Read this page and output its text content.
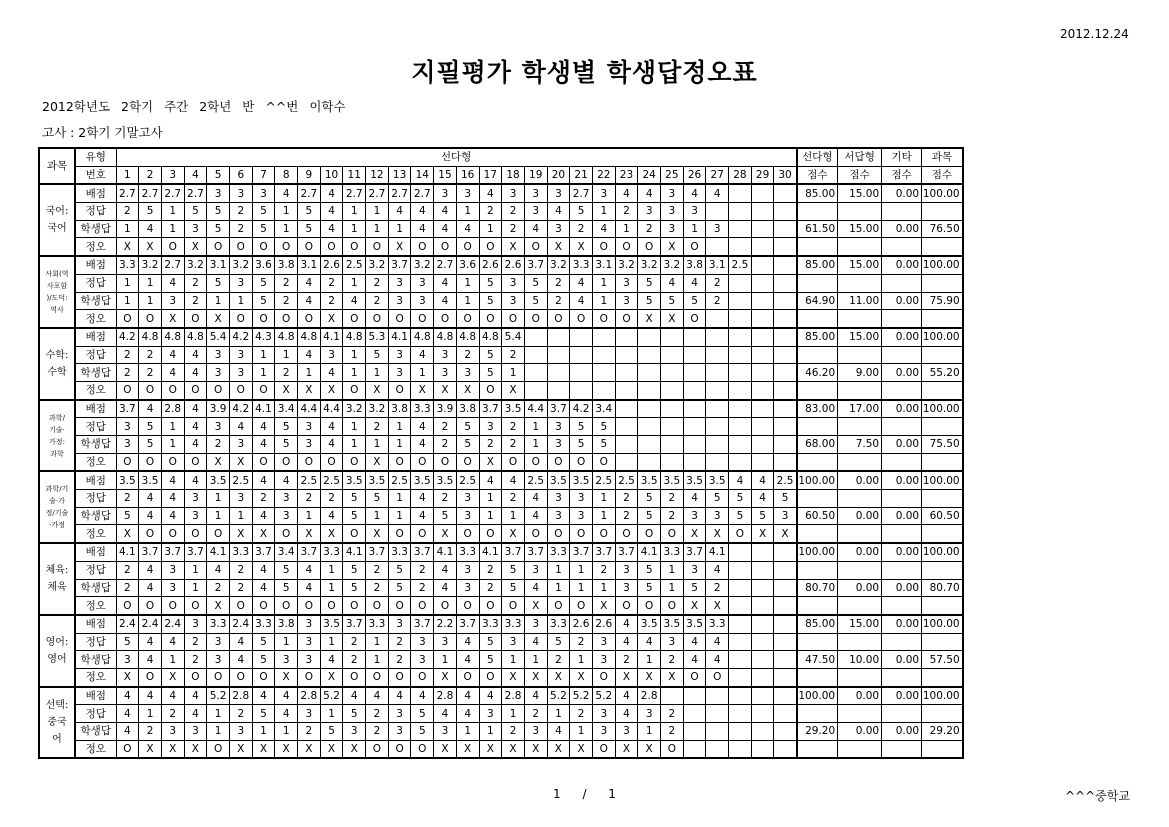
2012.12.24
지필평가 학생별 학생답정오표
2012학년도 2학기 주간 2학년 반 ^^번 이학수
고사 : 2학기 기말고사
과목	유형	선다형																														선다형	서답형	기타	과목
	번호	1	2	3	4	5	6	7	8	9	10	11	12	13	14	15	16	17	18	19	20	21	22	23	24	25	26	27	28	29	30	점수	점수	점수	점수
국어:
국어	배점	2.7	2.7	2.7	2.7	3	3	3	4	2.7	4	2.7	2.7	2.7	2.7	3	3	4	3	3	3	2.7	3	4	4	3	4	4				85.00	15.00	0.00	100.00
	정답	2	5	1	5	5	2	5	1	5	4	1	1	4	4	4	1	2	2	3	4	5	1	2	3	3	3								
	학생답	1	4	1	3	5	2	5	1	5	4	1	1	1	4	4	4	1	2	4	3	2	4	1	2	3	1	3				61.50	15.00	0.00	76.50
	정오	X	X	O	X	O	O	O	O	O	O	O	O	X	O	O	O	O	X	O	X	X	O	O	O	X	O								
사회(역
사포함
)/도덕:
역사	배점	3.3	3.2	2.7	3.2	3.1	3.2	3.6	3.8	3.1	2.6	2.5	3.2	3.7	3.2	2.7	3.6	2.6	2.6	3.7	3.2	3.3	3.1	3.2	3.2	3.2	3.8	3.1	2.5			85.00	15.00	0.00	100.00
	정답	1	1	4	2	5	3	5	2	4	2	1	2	3	3	4	1	5	3	5	2	4	1	3	5	4	4	2							
	학생답	1	1	3	2	1	1	5	2	4	2	4	2	3	3	4	1	5	3	5	2	4	1	3	5	5	5	2				64.90	11.00	0.00	75.90
	정오	O	O	X	O	X	O	O	O	O	X	O	O	O	O	O	O	O	O	O	O	O	O	O	X	X	O								
수학:
수학	배점	4.2	4.8	4.8	4.8	5.4	4.2	4.3	4.8	4.8	4.1	4.8	5.3	4.1	4.8	4.8	4.8	4.8	5.4													85.00	15.00	0.00	100.00
	정답	2	2	4	4	3	3	1	1	4	3	1	5	3	4	3	2	5	2																
	학생답	2	2	4	4	3	3	1	2	1	4	1	1	3	1	3	3	5	1													46.20	9.00	0.00	55.20
	정오	O	O	O	O	O	O	O	X	X	X	O	X	O	X	X	X	O	X																
과학/
기술·
가정:
과학	배점	3.7	4	2.8	4	3.9	4.2	4.1	3.4	4.4	4.4	3.2	3.2	3.8	3.3	3.9	3.8	3.7	3.5	4.4	3.7	4.2	3.4									83.00	17.00	0.00	100.00
	정답	3	5	1	4	3	4	4	5	3	4	1	2	1	4	2	5	3	2	1	3	5	5												
	학생답	3	5	1	4	2	3	4	5	3	4	1	1	1	4	2	5	2	2	1	3	5	5									68.00	7.50	0.00	75.50
	정오	O	O	O	O	X	X	O	O	O	O	O	X	O	O	O	O	X	O	O	O	O	O												
과학/기
술·가
정/기술
·가정	배점	3.5	3.5	4	4	3.5	2.5	4	4	2.5	2.5	3.5	3.5	2.5	3.5	3.5	2.5	4	4	2.5	3.5	3.5	2.5	2.5	3.5	3.5	3.5	3.5	4	4	2.5	100.00	0.00	0.00	100.00
	정답	2	4	4	3	1	3	2	3	2	2	5	5	1	4	2	3	1	2	4	3	3	1	2	5	2	4	5	5	4	5				
	학생답	5	4	4	3	1	1	4	3	1	4	5	1	1	4	5	3	1	1	4	3	3	1	2	5	2	3	3	5	5	3	60.50	0.00	0.00	60.50
	정오	X	O	O	O	O	X	X	O	X	X	O	X	O	O	X	O	O	X	O	O	O	O	O	O	O	X	X	O	X	X				
체육:
체육	배점	4.1	3.7	3.7	3.7	4.1	3.3	3.7	3.4	3.7	3.3	4.1	3.7	3.3	3.7	4.1	3.3	4.1	3.7	3.7	3.3	3.7	3.7	3.7	4.1	3.3	3.7	4.1				100.00	0.00	0.00	100.00
	정답	2	4	3	1	4	2	4	5	4	1	5	2	5	2	4	3	2	5	3	1	1	2	3	5	1	3	4							
	학생답	2	4	3	1	2	2	4	5	4	1	5	2	5	2	4	3	2	5	4	1	1	1	3	5	1	5	2				80.70	0.00	0.00	80.70
	정오	O	O	O	O	X	O	O	O	O	O	O	O	O	O	O	O	O	O	X	O	O	X	O	O	O	X	X							
영어:
영어	배점	2.4	2.4	2.4	3	3.3	2.4	3.3	3.8	3	3.5	3.7	3.3	3	3.7	2.2	3.7	3.3	3.3	3	3.3	2.6	2.6	4	3.5	3.5	3.5	3.3				85.00	15.00	0.00	100.00
	정답	5	4	4	2	3	4	5	1	3	1	2	1	2	3	3	4	5	3	4	5	2	3	4	4	3	4	4							
	학생답	3	4	1	2	3	4	5	3	3	4	2	1	2	3	1	4	5	1	1	2	1	3	2	1	2	4	4				47.50	10.00	0.00	57.50
	정오	X	O	X	O	O	O	O	X	O	X	O	O	O	O	X	O	O	X	X	X	X	O	X	X	X	O	O							
선택:
중국
어	배점	4	4	4	4	5.2	2.8	4	4	2.8	5.2	4	4	4	4	2.8	4	4	2.8	4	5.2	5.2	5.2	4	2.8							100.00	0.00	0.00	100.00
	정답	4	1	2	4	1	2	5	4	3	1	5	2	3	5	4	4	3	1	2	1	2	3	4	3	2									
	학생답	4	2	3	3	1	3	1	1	2	5	3	2	3	5	3	1	1	2	3	4	1	3	3	1	2						29.20	0.00	0.00	29.20
	정오	O	X	X	X	O	X	X	X	X	X	X	O	O	O	X	X	X	X	X	X	X	O	X	X	O									
1 / 1	^^^중학교
